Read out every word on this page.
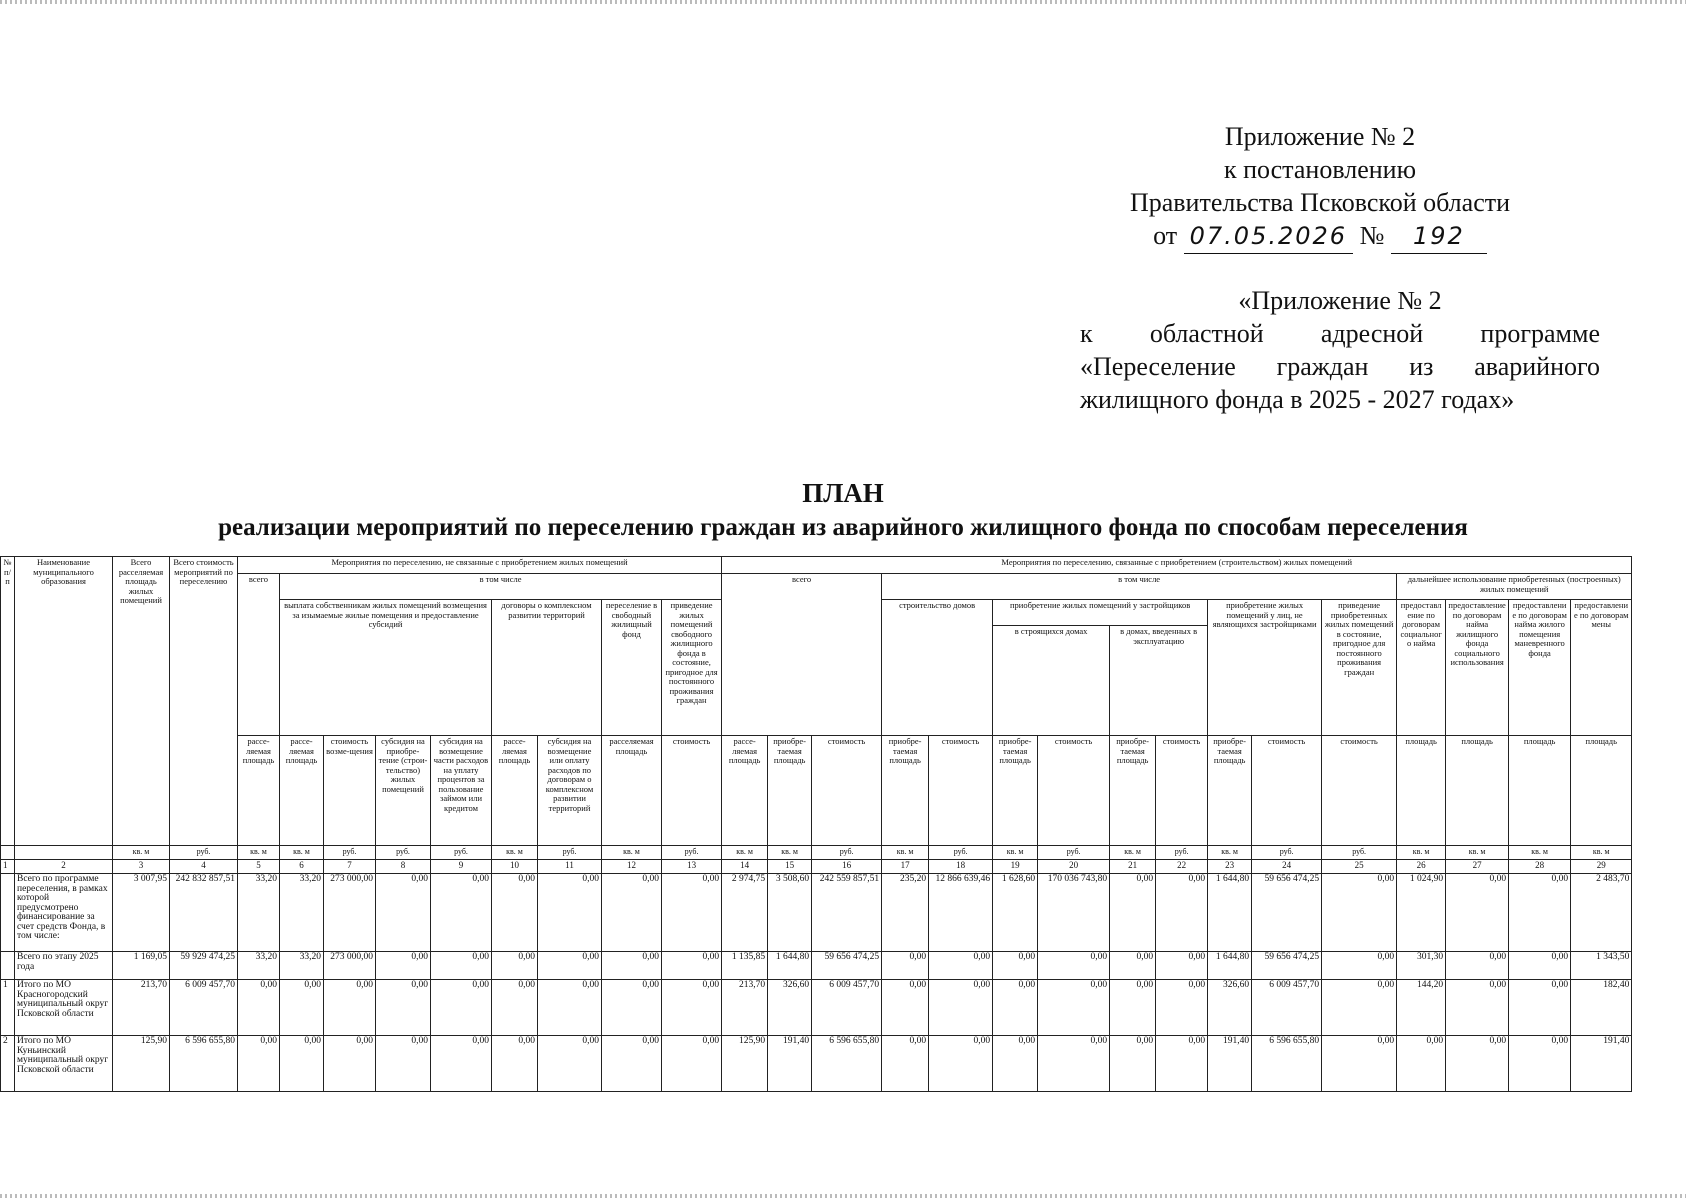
Приложение № 2
к постановлению
Правительства Псковской области
от 07.05.2026 № 192
«Приложение № 2
к областной адресной программе
«Переселение граждан из аварийного
жилищного фонда в 2025 - 2027 годах»
ПЛАН
реализации мероприятий по переселению граждан из аварийного жилищного фонда по способам переселения
№ п/п	Наименование муниципального образования	Всего расселяемая площадь жилых помещений	Всего стоимость мероприятий по переселению	Мероприятия по переселению, не связанные с приобретением жилых помещений									Мероприятия по переселению, связанные с приобретением (строительством) жилых помещений															
				всего	в том числе								всего			в том числе									дальнейшее использование приобретенных (построенных) жилых помещений			
					выплата собственникам жилых помещений возмещения за изымаемые жилые помещения и предоставление субсидий				договоры о комплексном развитии территорий		переселение в свободный жилищный фонд	приведение жилых помещений свободного жилищного фонда в состояние, пригодное для постоянного проживания граждан				строительство домов		приобретение жилых помещений у застройщиков				приобретение жилых помещений у лиц, не являющихся застройщиками		приведение приобретенных жилых помещений в состояние, пригодное для постоянного проживания граждан	предоставление по договорам социального найма	предоставление по договорам найма жилищного фонда социального использования	предоставление по договорам найма жилого помещения маневренного фонда	предоставление по договорам мены
																		в строящихся домах		в домах, введенных в эксплуатацию								
				рассе-ляемая площадь	рассе-ляемая площадь	стоимость возме-щения	субсидия на приобре-тение (строи-тельство) жилых помещений	субсидия на возмещение части расходов на уплату процентов за пользование займом или кредитом	рассе-ляемая площадь	субсидия на возмещение или оплату расходов по договорам о комплексном развитии территорий	расселяемая площадь	стоимость	рассе-ляемая площадь	приобре-таемая площадь	стоимость	приобре-таемая площадь	стоимость	приобре-таемая площадь	стоимость	приобре-таемая площадь	стоимость	приобре-таемая площадь	стоимость	стоимость	площадь	площадь	площадь	площадь
		кв. м	руб.	кв. м	кв. м	руб.	руб.	руб.	кв. м	руб.	кв. м	руб.	кв. м	кв. м	руб.	кв. м	руб.	кв. м	руб.	кв. м	руб.	кв. м	руб.	руб.	кв. м	кв. м	кв. м	кв. м
1	2	3	4	5	6	7	8	9	10	11	12	13	14	15	16	17	18	19	20	21	22	23	24	25	26	27	28	29
	Всего по программе переселения, в рамках которой предусмотрено финансирование за счет средств Фонда, в том числе:	3 007,95	242 832 857,51	33,20	33,20	273 000,00	0,00	0,00	0,00	0,00	0,00	0,00	2 974,75	3 508,60	242 559 857,51	235,20	12 866 639,46	1 628,60	170 036 743,80	0,00	0,00	1 644,80	59 656 474,25	0,00	1 024,90	0,00	0,00	2 483,70
	Всего по этапу 2025 года	1 169,05	59 929 474,25	33,20	33,20	273 000,00	0,00	0,00	0,00	0,00	0,00	0,00	1 135,85	1 644,80	59 656 474,25	0,00	0,00	0,00	0,00	0,00	0,00	1 644,80	59 656 474,25	0,00	301,30	0,00	0,00	1 343,50
1	Итого по МО Красногородский муниципальный округ Псковской области	213,70	6 009 457,70	0,00	0,00	0,00	0,00	0,00	0,00	0,00	0,00	0,00	213,70	326,60	6 009 457,70	0,00	0,00	0,00	0,00	0,00	0,00	326,60	6 009 457,70	0,00	144,20	0,00	0,00	182,40
2	Итого по МО Куньинский муниципальный округ Псковской области	125,90	6 596 655,80	0,00	0,00	0,00	0,00	0,00	0,00	0,00	0,00	0,00	125,90	191,40	6 596 655,80	0,00	0,00	0,00	0,00	0,00	0,00	191,40	6 596 655,80	0,00	0,00	0,00	0,00	191,40
